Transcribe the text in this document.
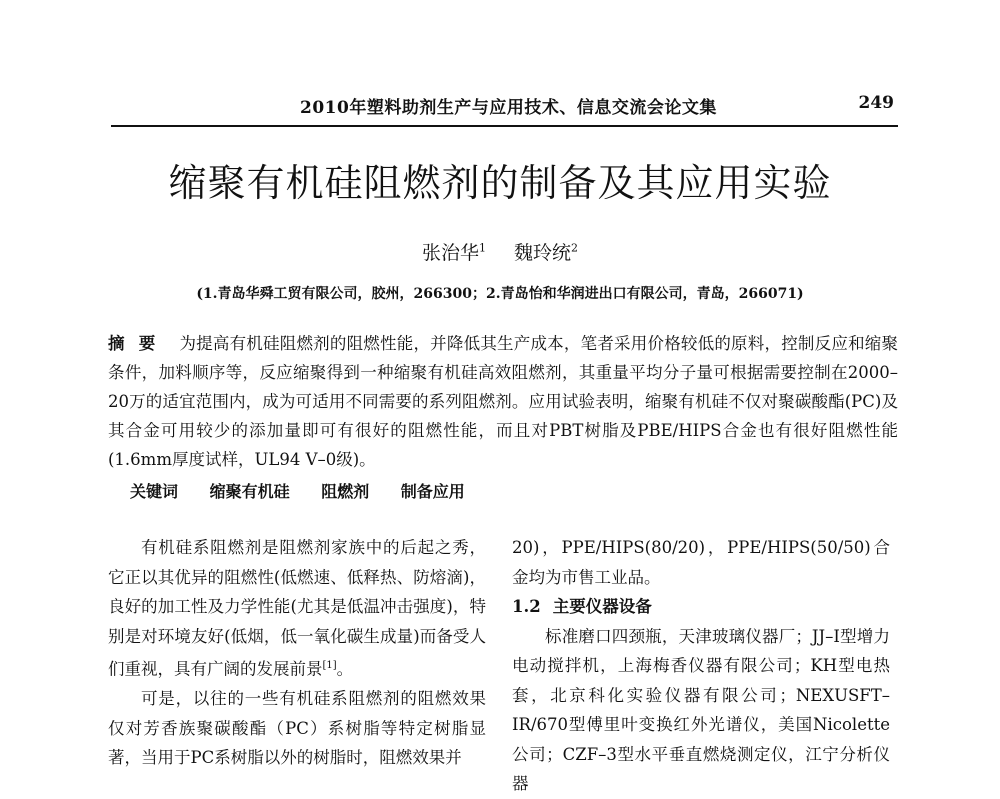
2010年塑料助剂生产与应用技术、信息交流会论文集	249
缩聚有机硅阻燃剂的制备及其应用实验
张治华$^1$ 魏玲统$^2$
(1.青岛华舜工贸有限公司，胶州，266300；2.青岛怡和华润进出口有限公司，青岛，266071)
摘要 为提高有机硅阻燃剂的阻燃性能，并降低其生产成本，笔者采用价格较低的原料，控制反应和缩聚条件，加料顺序等，反应缩聚得到一种缩聚有机硅高效阻燃剂，其重量平均分子量可根据需要控制在2000–20万的适宜范围内，成为可适用不同需要的系列阻燃剂。应用试验表明，缩聚有机硅不仅对聚碳酸酯(PC)及其合金可用较少的添加量即可有很好的阻燃性能，而且对PBT树脂及PBE/HIPS合金也有很好阻燃性能(1.6mm厚度试样，UL94 V–0级)。
关键词 缩聚有机硅 阻燃剂 制备应用

有机硅系阻燃剂是阻燃剂家族中的后起之秀，它正以其优异的阻燃性(低燃速、低释热、防熔滴)，良好的加工性及力学性能(尤其是低温冲击强度)，特别是对环境友好(低烟，低一氧化碳生成量)而备受人们重视，具有广阔的发展前景[1]。

可是，以往的一些有机硅系阻燃剂的阻燃效果仅对芳香族聚碳酸酯（PC）系树脂等特定树脂显著，当用于PC系树脂以外的树脂时，阻燃效果并

20)，PPE/HIPS(80/20)，PPE/HIPS(50/50)合金均为市售工业品。

1.2 主要仪器设备

标准磨口四颈瓶，天津玻璃仪器厂；JJ–I型增力电动搅拌机，上海梅香仪器有限公司；KH型电热套，北京科化实验仪器有限公司；NEXUSFT–IR/670型傅里叶变换红外光谱仪，美国Nicolette公司；CZF–3型水平垂直燃烧测定仪，江宁分析仪器
